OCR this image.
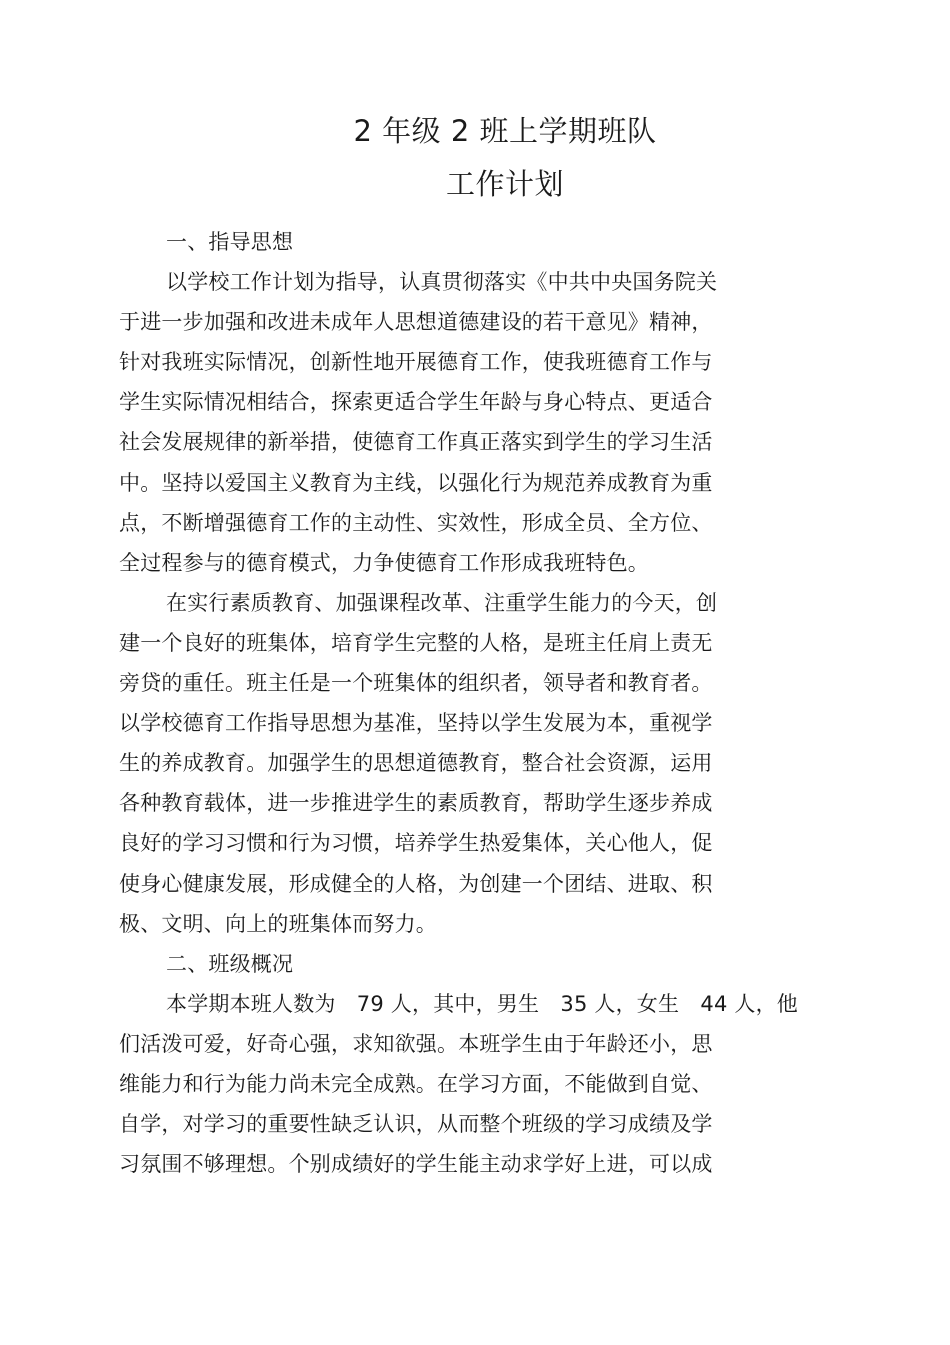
2 年级 2 班上学期班队
工作计划
一、指导思想
以学校工作计划为指导，认真贯彻落实《中共中央国务院关
于进一步加强和改进未成年人思想道德建设的若干意见》精神，
针对我班实际情况，创新性地开展德育工作，使我班德育工作与
学生实际情况相结合，探索更适合学生年龄与身心特点、更适合
社会发展规律的新举措，使德育工作真正落实到学生的学习生活
中。坚持以爱国主义教育为主线，以强化行为规范养成教育为重
点，不断增强德育工作的主动性、实效性，形成全员、全方位、
全过程参与的德育模式，力争使德育工作形成我班特色。
在实行素质教育、加强课程改革、注重学生能力的今天，创
建一个良好的班集体，培育学生完整的人格，是班主任肩上责无
旁贷的重任。班主任是一个班集体的组织者，领导者和教育者。
以学校德育工作指导思想为基准，坚持以学生发展为本，重视学
生的养成教育。加强学生的思想道德教育，整合社会资源，运用
各种教育载体，进一步推进学生的素质教育，帮助学生逐步养成
良好的学习习惯和行为习惯，培养学生热爱集体，关心他人，促
使身心健康发展，形成健全的人格，为创建一个团结、进取、积
极、文明、向上的班集体而努力。
二、班级概况
本学期本班人数为　79 人，其中，男生　35 人，女生　44 人，他
们活泼可爱，好奇心强，求知欲强。本班学生由于年龄还小，思
维能力和行为能力尚未完全成熟。在学习方面，不能做到自觉、
自学，对学习的重要性缺乏认识，从而整个班级的学习成绩及学
习氛围不够理想。个别成绩好的学生能主动求学好上进，可以成
